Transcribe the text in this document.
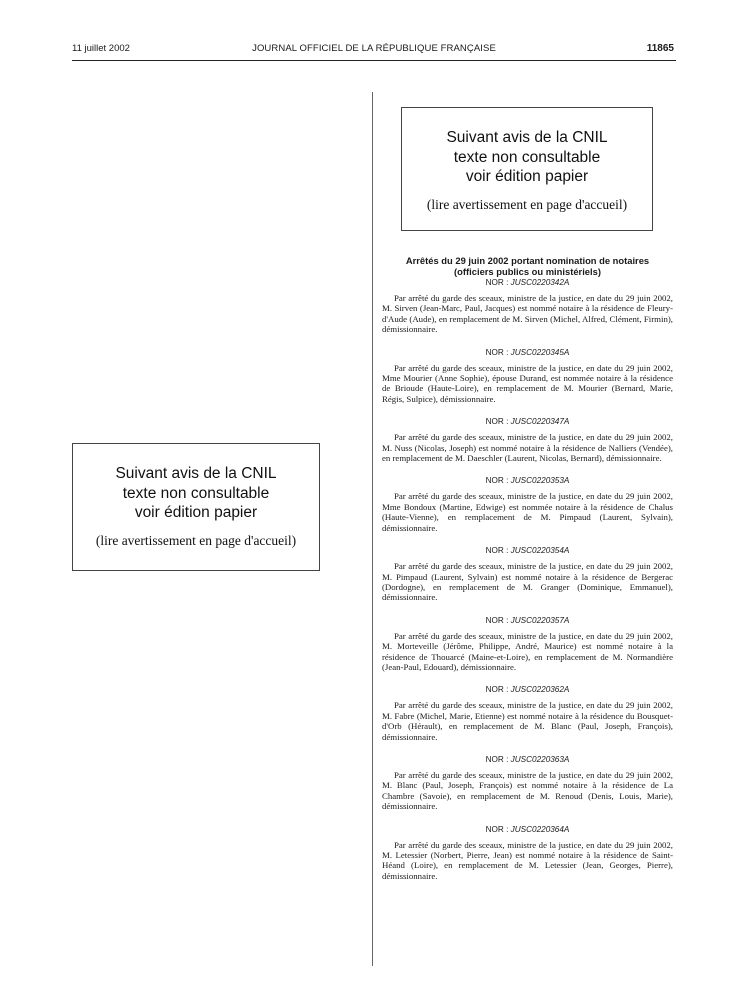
11 juillet 2002	JOURNAL OFFICIEL DE LA RÉPUBLIQUE FRANÇAISE	11865
Suivant avis de la CNIL
texte non consultable
voir édition papier
(lire avertissement en page d'accueil)
Suivant avis de la CNIL
texte non consultable
voir édition papier
(lire avertissement en page d'accueil)
Arrêtés du 29 juin 2002 portant nomination de notaires
(officiers publics ou ministériels)
NOR : JUSC0220342A

Par arrêté du garde des sceaux, ministre de la justice, en date du 29 juin 2002, M. Sirven (Jean-Marc, Paul, Jacques) est nommé notaire à la résidence de Fleury-d'Aude (Aude), en remplacement de M. Sirven (Michel, Alfred, Clément, Firmin), démissionnaire.

NOR : JUSC0220345A

Par arrêté du garde des sceaux, ministre de la justice, en date du 29 juin 2002, Mme Mourier (Anne Sophie), épouse Durand, est nommée notaire à la résidence de Brioude (Haute-Loire), en remplacement de M. Mourier (Bernard, Marie, Régis, Sulpice), démissionnaire.

NOR : JUSC0220347A

Par arrêté du garde des sceaux, ministre de la justice, en date du 29 juin 2002, M. Nuss (Nicolas, Joseph) est nommé notaire à la résidence de Nalliers (Vendée), en remplacement de M. Daeschler (Laurent, Nicolas, Bernard), démissionnaire.

NOR : JUSC0220353A

Par arrêté du garde des sceaux, ministre de la justice, en date du 29 juin 2002, Mme Bondoux (Martine, Edwige) est nommée notaire à la résidence de Chalus (Haute-Vienne), en remplacement de M. Pimpaud (Laurent, Sylvain), démissionnaire.

NOR : JUSC0220354A

Par arrêté du garde des sceaux, ministre de la justice, en date du 29 juin 2002, M. Pimpaud (Laurent, Sylvain) est nommé notaire à la résidence de Bergerac (Dordogne), en remplacement de M. Granger (Dominique, Emmanuel), démissionnaire.

NOR : JUSC0220357A

Par arrêté du garde des sceaux, ministre de la justice, en date du 29 juin 2002, M. Morteveille (Jérôme, Philippe, André, Maurice) est nommé notaire à la résidence de Thouarcé (Maine-et-Loire), en remplacement de M. Normandière (Jean-Paul, Edouard), démissionnaire.

NOR : JUSC0220362A

Par arrêté du garde des sceaux, ministre de la justice, en date du 29 juin 2002, M. Fabre (Michel, Marie, Etienne) est nommé notaire à la résidence du Bousquet-d'Orb (Hérault), en remplacement de M. Blanc (Paul, Joseph, François), démissionnaire.

NOR : JUSC0220363A

Par arrêté du garde des sceaux, ministre de la justice, en date du 29 juin 2002, M. Blanc (Paul, Joseph, François) est nommé notaire à la résidence de La Chambre (Savoie), en remplacement de M. Renoud (Denis, Louis, Marie), démissionnaire.

NOR : JUSC0220364A

Par arrêté du garde des sceaux, ministre de la justice, en date du 29 juin 2002, M. Letessier (Norbert, Pierre, Jean) est nommé notaire à la résidence de Saint-Héand (Loire), en remplacement de M. Letessier (Jean, Georges, Pierre), démissionnaire.
